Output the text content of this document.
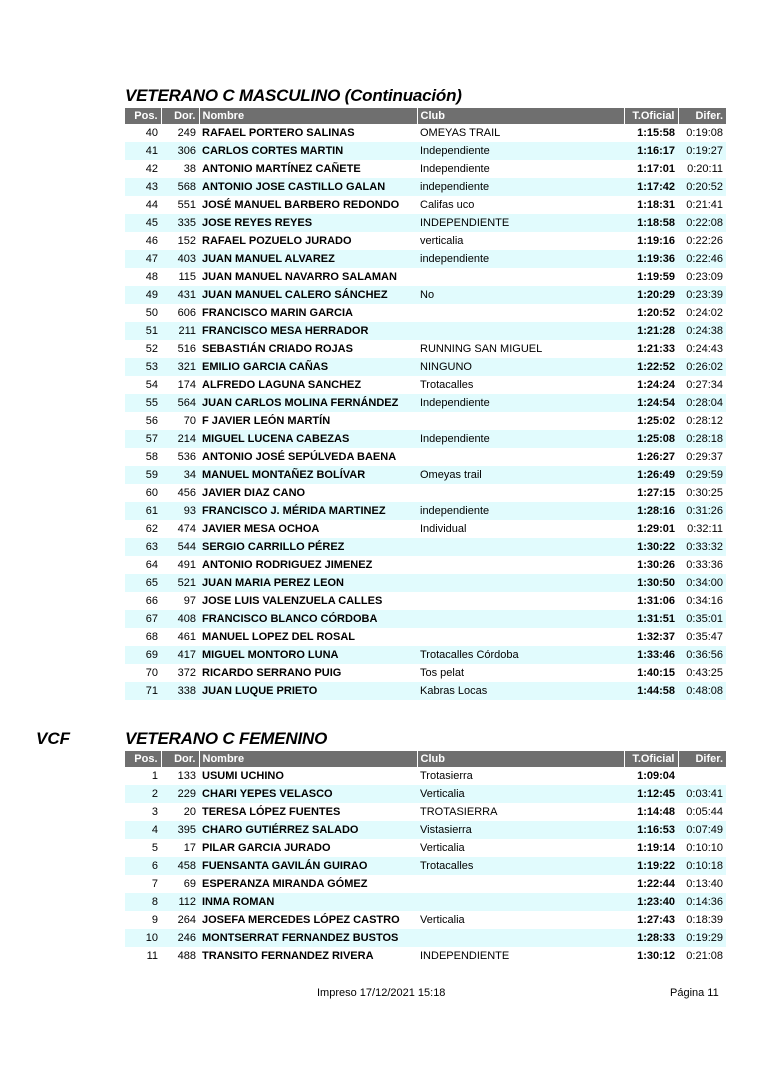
VETERANO C MASCULINO (Continuación)
Pos.	Dor.	Nombre	Club	T.Oficial	Difer.
40	249	RAFAEL PORTERO SALINAS	OMEYAS TRAIL	1:15:58	0:19:08
41	306	CARLOS CORTES MARTIN	Independiente	1:16:17	0:19:27
42	38	ANTONIO MARTÍNEZ CAÑETE	Independiente	1:17:01	0:20:11
43	568	ANTONIO JOSE CASTILLO GALAN	independiente	1:17:42	0:20:52
44	551	JOSÉ MANUEL BARBERO REDONDO	Califas uco	1:18:31	0:21:41
45	335	JOSE REYES REYES	INDEPENDIENTE	1:18:58	0:22:08
46	152	RAFAEL POZUELO JURADO	verticalia	1:19:16	0:22:26
47	403	JUAN MANUEL ALVAREZ	independiente	1:19:36	0:22:46
48	115	JUAN MANUEL NAVARRO SALAMAN		1:19:59	0:23:09
49	431	JUAN MANUEL CALERO SÁNCHEZ	No	1:20:29	0:23:39
50	606	FRANCISCO MARIN GARCIA		1:20:52	0:24:02
51	211	FRANCISCO MESA HERRADOR		1:21:28	0:24:38
52	516	SEBASTIÁN CRIADO ROJAS	RUNNING SAN MIGUEL	1:21:33	0:24:43
53	321	EMILIO GARCIA CAÑAS	NINGUNO	1:22:52	0:26:02
54	174	ALFREDO LAGUNA SANCHEZ	Trotacalles	1:24:24	0:27:34
55	564	JUAN CARLOS MOLINA FERNÁNDEZ	Independiente	1:24:54	0:28:04
56	70	F JAVIER LEÓN MARTÍN		1:25:02	0:28:12
57	214	MIGUEL LUCENA CABEZAS	Independiente	1:25:08	0:28:18
58	536	ANTONIO JOSÉ SEPÚLVEDA BAENA		1:26:27	0:29:37
59	34	MANUEL MONTAÑEZ BOLÍVAR	Omeyas trail	1:26:49	0:29:59
60	456	JAVIER DIAZ CANO		1:27:15	0:30:25
61	93	FRANCISCO J. MÉRIDA MARTINEZ	independiente	1:28:16	0:31:26
62	474	JAVIER MESA OCHOA	Individual	1:29:01	0:32:11
63	544	SERGIO CARRILLO PÉREZ		1:30:22	0:33:32
64	491	ANTONIO RODRIGUEZ JIMENEZ		1:30:26	0:33:36
65	521	JUAN MARIA PEREZ LEON		1:30:50	0:34:00
66	97	JOSE LUIS VALENZUELA CALLES		1:31:06	0:34:16
67	408	FRANCISCO BLANCO CÓRDOBA		1:31:51	0:35:01
68	461	MANUEL LOPEZ DEL ROSAL		1:32:37	0:35:47
69	417	MIGUEL MONTORO LUNA	Trotacalles Córdoba	1:33:46	0:36:56
70	372	RICARDO SERRANO PUIG	Tos pelat	1:40:15	0:43:25
71	338	JUAN LUQUE PRIETO	Kabras Locas	1:44:58	0:48:08
VCF	VETERANO C FEMENINO
Pos.	Dor.	Nombre	Club	T.Oficial	Difer.
1	133	USUMI UCHINO	Trotasierra	1:09:04	
2	229	CHARI YEPES VELASCO	Verticalia	1:12:45	0:03:41
3	20	TERESA LÓPEZ FUENTES	TROTASIERRA	1:14:48	0:05:44
4	395	CHARO GUTIÉRREZ SALADO	Vistasierra	1:16:53	0:07:49
5	17	PILAR GARCIA JURADO	Verticalia	1:19:14	0:10:10
6	458	FUENSANTA GAVILÁN GUIRAO	Trotacalles	1:19:22	0:10:18
7	69	ESPERANZA MIRANDA GÓMEZ		1:22:44	0:13:40
8	112	INMA ROMAN		1:23:40	0:14:36
9	264	JOSEFA MERCEDES LÓPEZ CASTRO	Verticalia	1:27:43	0:18:39
10	246	MONTSERRAT FERNANDEZ BUSTOS		1:28:33	0:19:29
11	488	TRANSITO FERNANDEZ RIVERA	INDEPENDIENTE	1:30:12	0:21:08
Impreso 17/12/2021 15:18	Página 11
